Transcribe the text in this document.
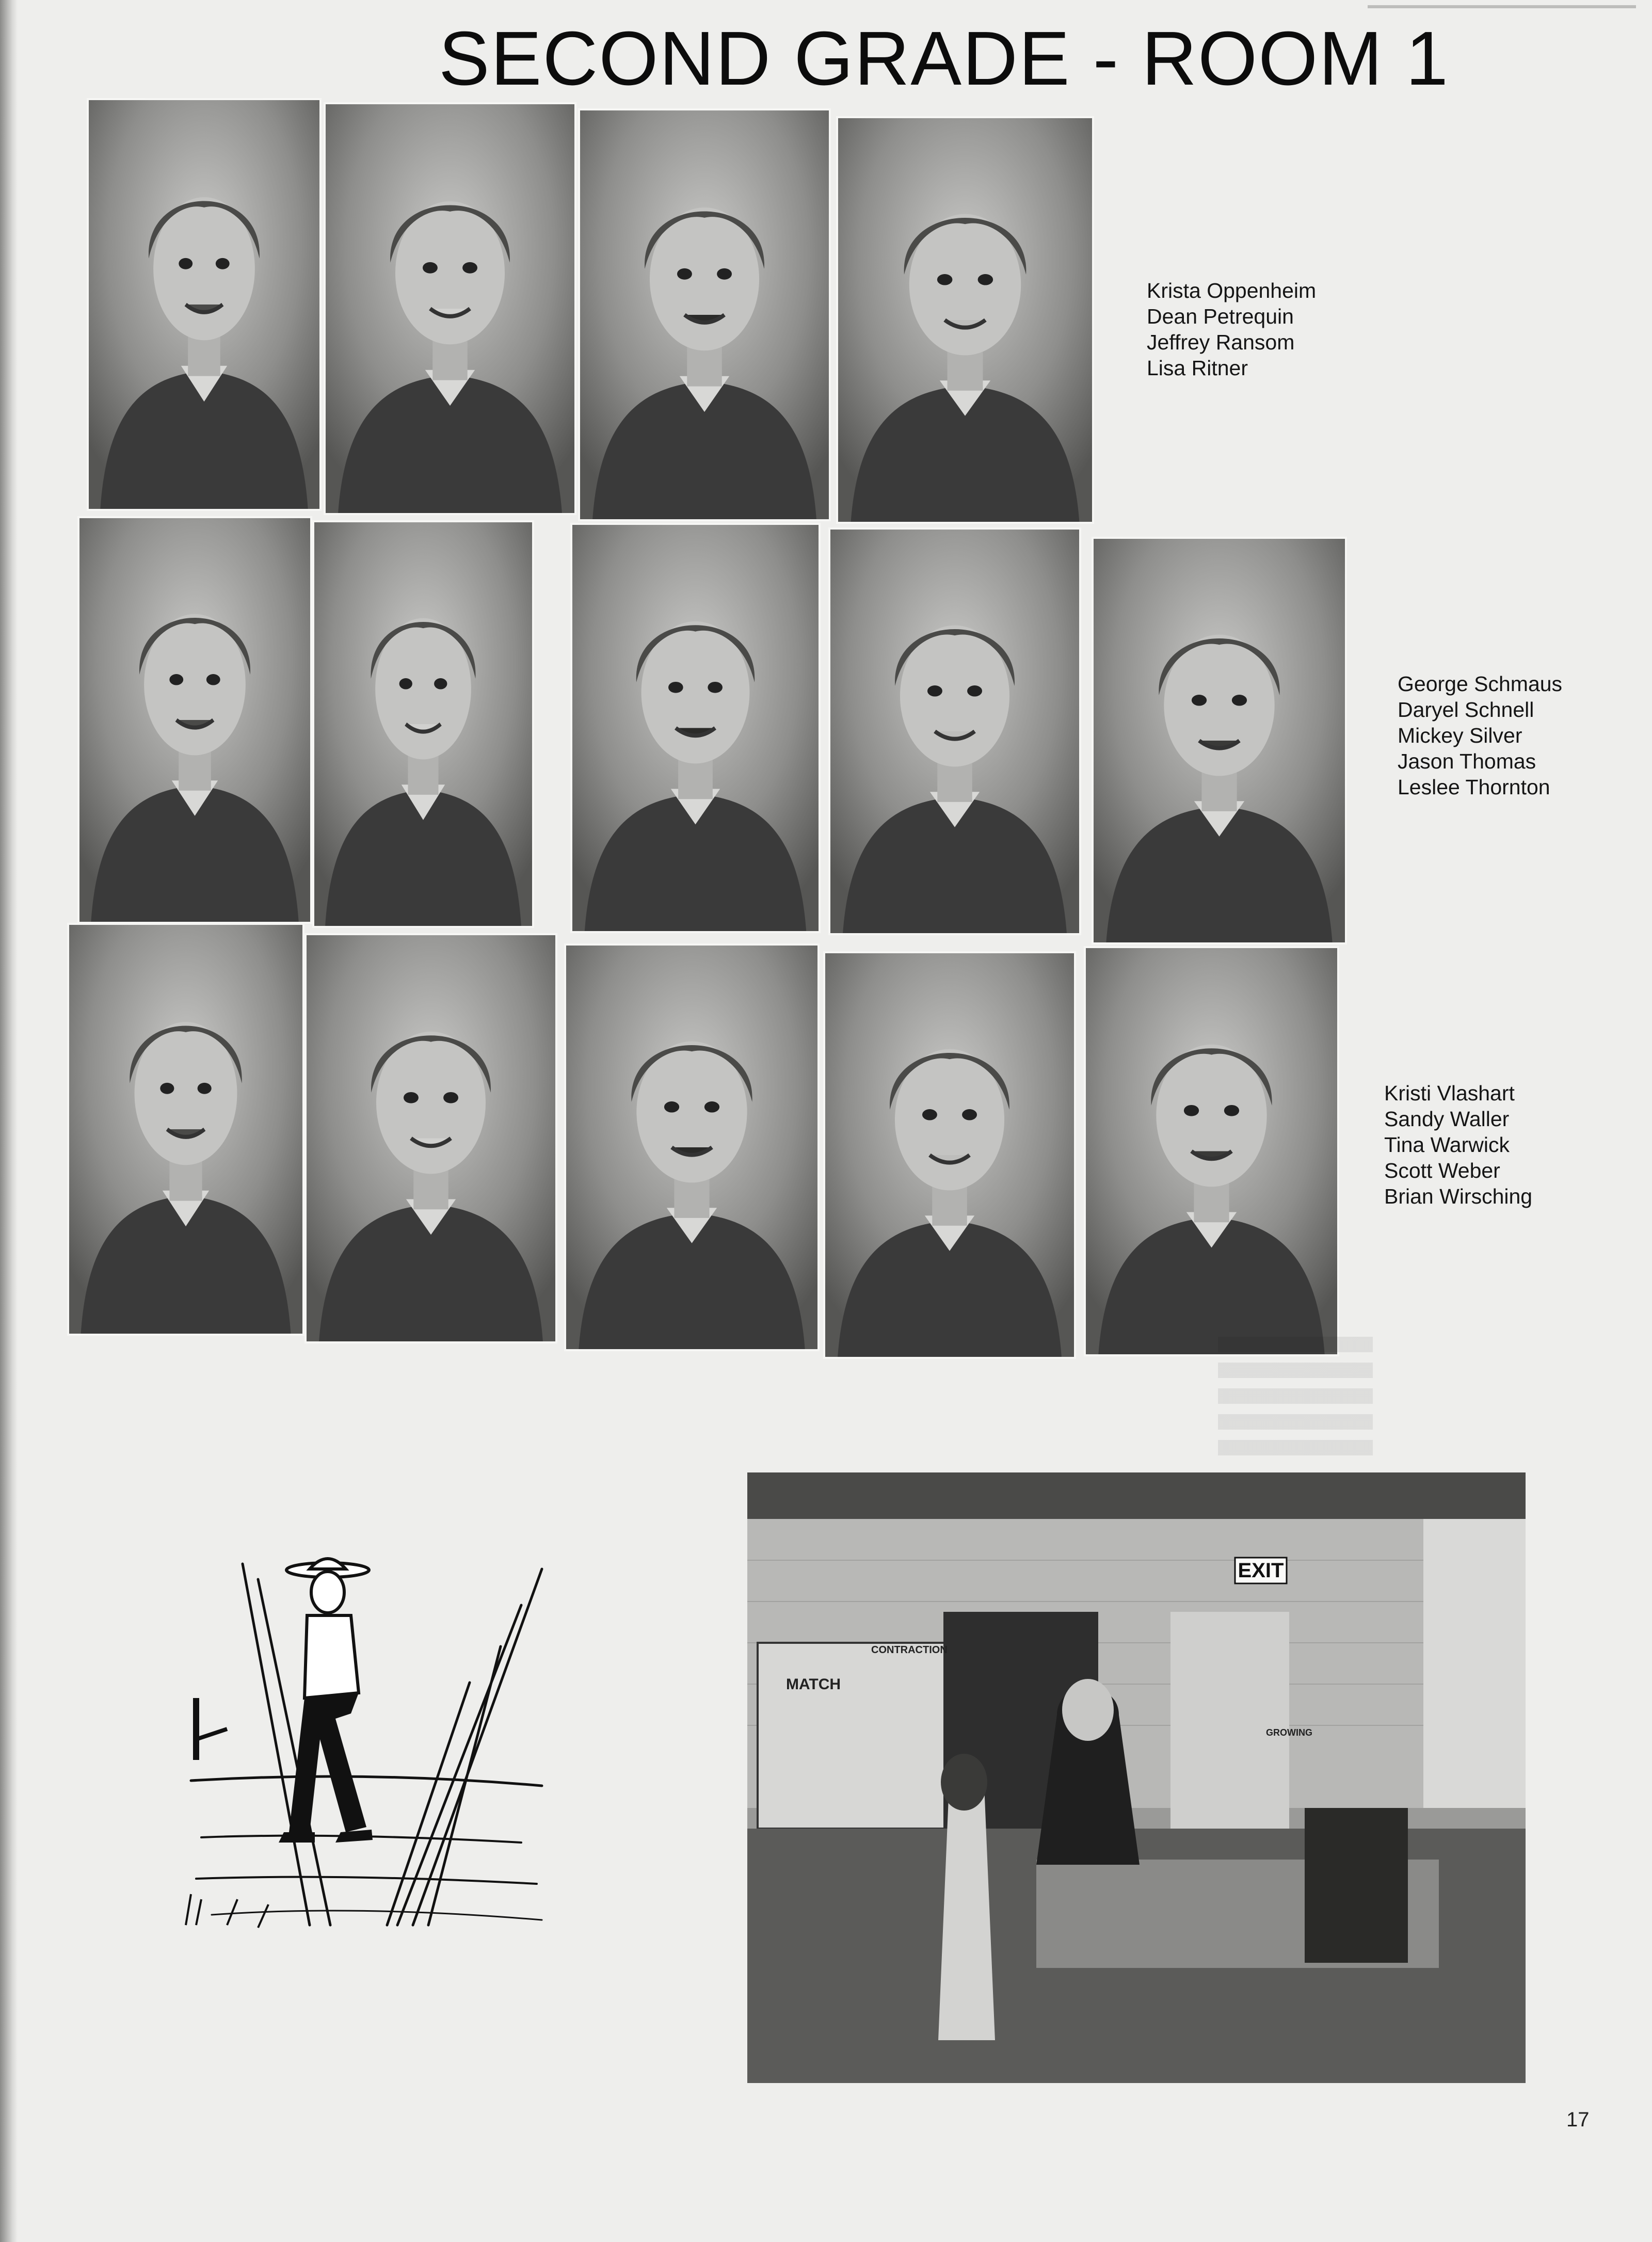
SECOND GRADE - ROOM 1
Krista Oppenheim
Dean Petrequin
Jeffrey Ransom
Lisa Ritner
George Schmaus
Daryel Schnell
Mickey Silver
Jason Thomas
Leslee Thornton
Kristi Vlashart
Sandy Waller
Tina Warwick
Scott Weber
Brian Wirsching
EXIT
MATCH
CONTRACTION
GROWING
17
